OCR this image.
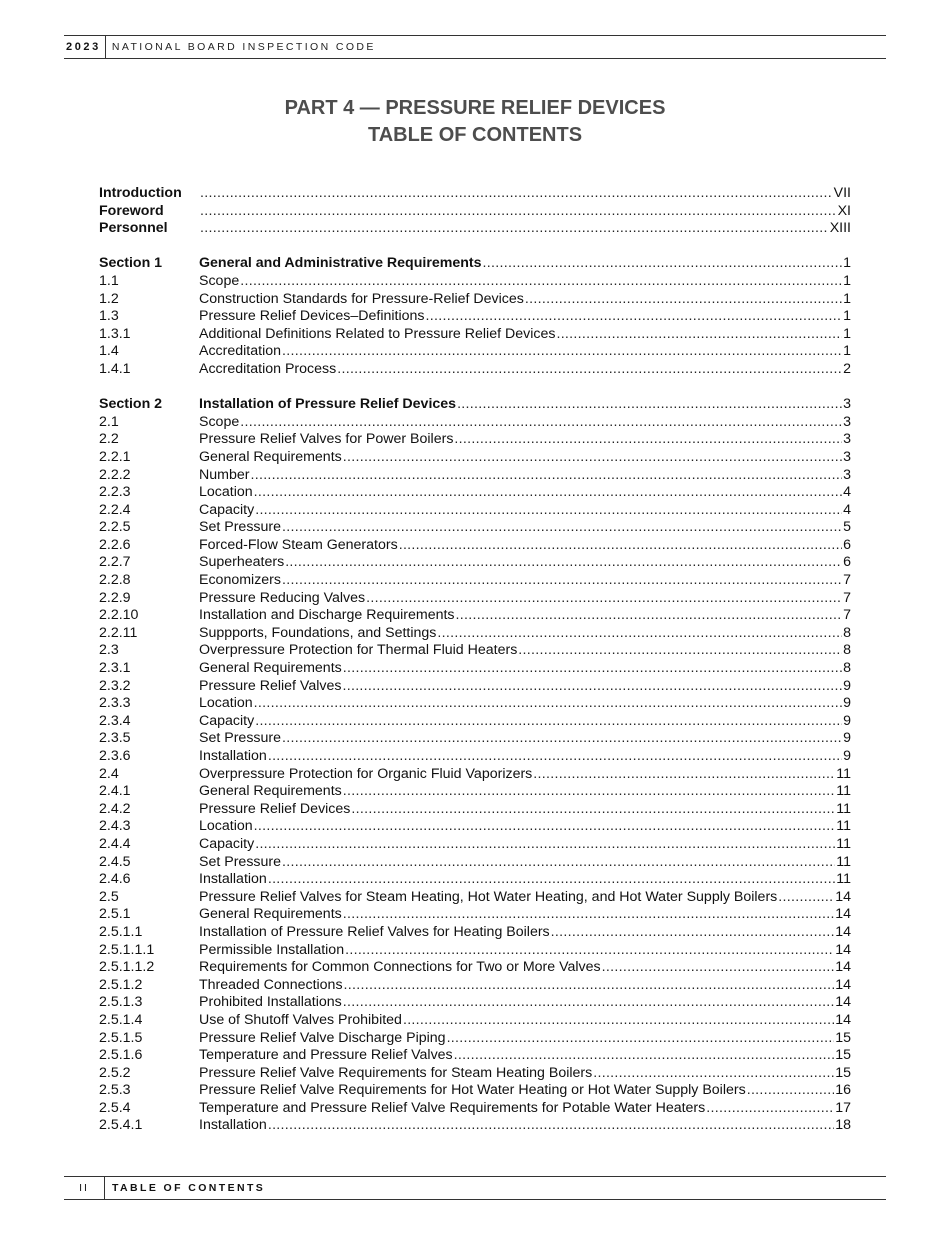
2023	NATIONAL BOARD INSPECTION CODE
PART 4 — PRESSURE RELIEF DEVICES
TABLE OF CONTENTS
Introduction .....	VII
Foreword .....	XI
Personnel .....	XIII
Section 1	General and Administrative Requirements .....	1
1.1	Scope .....	1
1.2	Construction Standards for Pressure-Relief Devices .....	1
1.3	Pressure Relief Devices–Definitions .....	1
1.3.1	Additional Definitions Related to Pressure Relief Devices .....	1
1.4	Accreditation .....	1
1.4.1	Accreditation Process .....	2
Section 2	Installation of Pressure Relief Devices .....	3
2.1	Scope .....	3
2.2	Pressure Relief Valves for Power Boilers .....	3
2.2.1	General Requirements .....	3
2.2.2	Number .....	3
2.2.3	Location .....	4
2.2.4	Capacity .....	4
2.2.5	Set Pressure .....	5
2.2.6	Forced-Flow Steam Generators .....	6
2.2.7	Superheaters .....	6
2.2.8	Economizers .....	7
2.2.9	Pressure Reducing Valves .....	7
2.2.10	Installation and Discharge Requirements .....	7
2.2.11	Suppports, Foundations, and Settings .....	8
2.3	Overpressure Protection for Thermal Fluid Heaters .....	8
2.3.1	General Requirements .....	8
2.3.2	Pressure Relief Valves .....	9
2.3.3	Location .....	9
2.3.4	Capacity .....	9
2.3.5	Set Pressure .....	9
2.3.6	Installation .....	9
2.4	Overpressure Protection for Organic Fluid Vaporizers .....	11
2.4.1	General Requirements .....	11
2.4.2	Pressure Relief Devices .....	11
2.4.3	Location .....	11
2.4.4	Capacity .....	11
2.4.5	Set Pressure .....	11
2.4.6	Installation .....	11
2.5	Pressure Relief Valves for Steam Heating, Hot Water Heating, and Hot Water Supply Boilers .....	14
2.5.1	General Requirements .....	14
2.5.1.1	Installation of Pressure Relief Valves for Heating Boilers .....	14
2.5.1.1.1	Permissible Installation .....	14
2.5.1.1.2	Requirements for Common Connections for Two or More Valves .....	14
2.5.1.2	Threaded Connections .....	14
2.5.1.3	Prohibited Installations .....	14
2.5.1.4	Use of Shutoff Valves Prohibited .....	14
2.5.1.5	Pressure Relief Valve Discharge Piping .....	15
2.5.1.6	Temperature and Pressure Relief Valves .....	15
2.5.2	Pressure Relief Valve Requirements for Steam Heating Boilers .....	15
2.5.3	Pressure Relief Valve Requirements for Hot Water Heating or Hot Water Supply Boilers .....	16
2.5.4	Temperature and Pressure Relief Valve Requirements for Potable Water Heaters .....	17
2.5.4.1	Installation .....	18
II	TABLE OF CONTENTS
